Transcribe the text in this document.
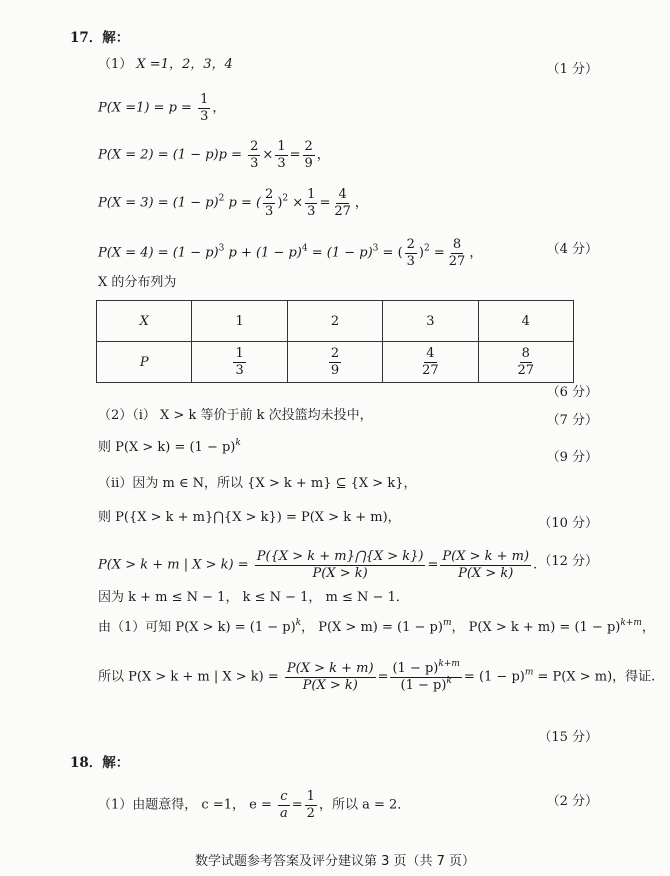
17．解：
（1） X =1，2，3，4	（1 分）
$P(X =1) = p = \frac{1}{3}$ ，
$P(X = 2) = (1 - p)p = \frac{2}{3} \times \frac{1}{3} = \frac{2}{9}$ ，
$P(X = 3) = (1 - p)^2$ p = ( $\frac{2}{3} )^2 \times \frac{1}{3} = \frac{4}{27}$ ，
$P(X = 4) = (1 - p)^3$ $p + (1 - p)^4 = (1 - p)^3$ = ( $\frac{2}{3} )^2 = \frac{8}{27}$ ，	（4 分）
X 的分布列为
X	1	2	3	4
P	$\frac{1}{3}$	$\frac{2}{9}$	$\frac{4}{27}$	$\frac{8}{27}$
（6 分）
（2）（ⅰ） X > k 等价于前 k 次投篮均未投中，	（7 分）
则 $P(X > k) = (1 - p)^k$
（9 分）
（ⅱ）因为 m ∈ N，所以 {X > k + m} ⊆ {X > k}，
则 P({X > k + m}⋂{X > k}) = P(X > k + m)，	（10 分）
P(X > k + m | $X > k) = \frac{P(\{X > k + m\}⋂\{X > k\})}{P(X > k)} = \frac{P(X > k + m)}{P(X > k)}$ . （12 分）
因为 k + m ≤ N − 1， k ≤ N − 1， m ≤ N − 1．
由（1）可知 $P(X > k) = (1 - p)^k$， $P(X > m) = (1 - p)^m$， $P(X > k + m) = (1 - p)^{k+m}$，
所以 P(X > k + m | $X > k) = \frac{P(X > k + m)}{P(X > k)} = \frac{(1 - p)^{k+m}}{(1 - p)^k} = (1 - p)^m = P(X > m)$，得证.
（15 分）
18．解：
（1）由题意得， c =1， $e = \frac{c}{a} = \frac{1}{2}$ ，所以 a = 2．	（2 分）
数学试题参考答案及评分建议第 3 页（共 7 页）
